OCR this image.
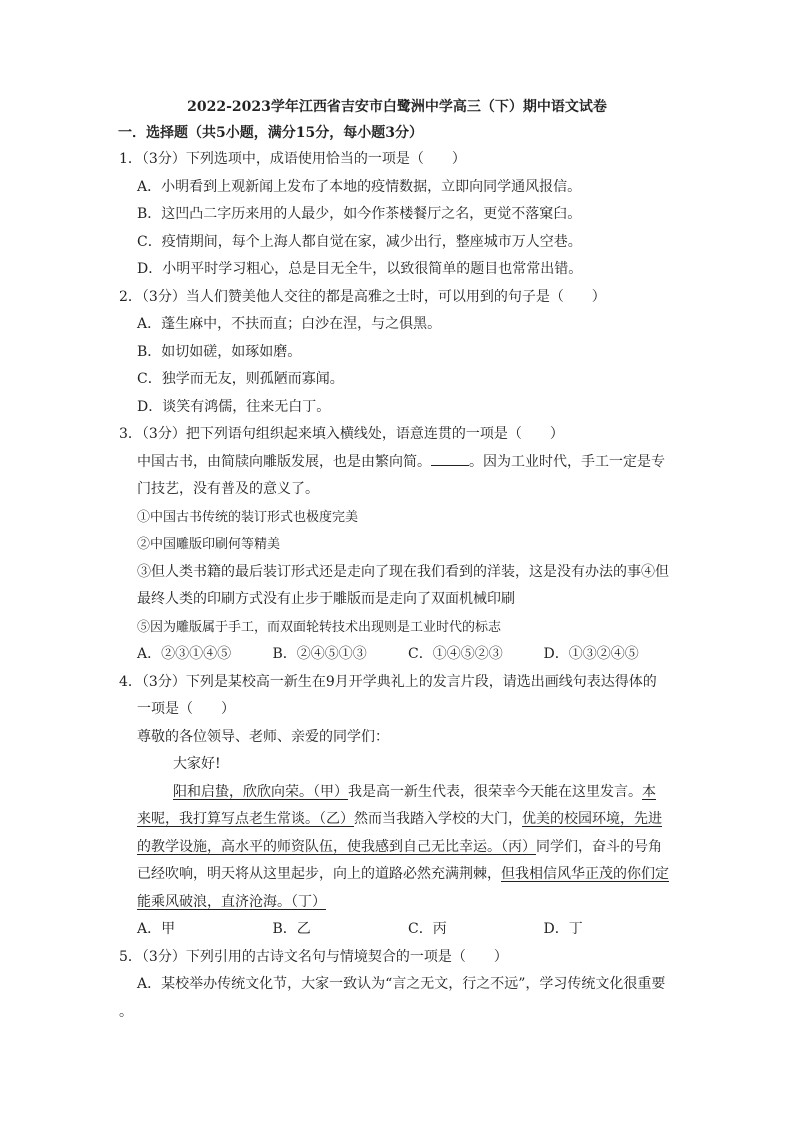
2022-2023学年江西省吉安市白鹭洲中学高三（下）期中语文试卷
一．选择题（共5小题，满分15分，每小题3分）
1．（3分）下列选项中，成语使用恰当的一项是（　　）
A．小明看到上观新闻上发布了本地的疫情数据，立即向同学通风报信。
B．这凹凸二字历来用的人最少，如今作茶楼餐厅之名，更觉不落窠臼。
C．疫情期间，每个上海人都自觉在家，减少出行，整座城市万人空巷。
D．小明平时学习粗心，总是目无全牛，以致很简单的题目也常常出错。
2．（3分）当人们赞美他人交往的都是高雅之士时，可以用到的句子是（　　）
A．蓬生麻中，不扶而直；白沙在涅，与之俱黑。
B．如切如磋，如琢如磨。
C．独学而无友，则孤陋而寡闻。
D．谈笑有鸿儒，往来无白丁。
3．（3分）把下列语句组织起来填入横线处，语意连贯的一项是（　　）
中国古书，由简牍向雕版发展，也是由繁向简。	。因为工业时代，手工一定是专
门技艺，没有普及的意义了。
①中国古书传统的装订形式也极度完美
②中国雕版印刷何等精美
③但人类书籍的最后装订形式还是走向了现在我们看到的洋装，这是没有办法的事④但
最终人类的印刷方式没有止步于雕版而是走向了双面机械印刷
⑤因为雕版属于手工，而双面轮转技术出现则是工业时代的标志
A．②③①④⑤	B．②④⑤①③	C．①④⑤②③	D．①③②④⑤
4．（3分）下列是某校高一新生在9月开学典礼上的发言片段，请选出画线句表达得体的
一项是（　　）
尊敬的各位领导、老师、亲爱的同学们：
大家好!
阳和启蛰，欣欣向荣。（甲）我是高一新生代表，很荣幸今天能在这里发言。本
来呢，我打算写点老生常谈。（乙）然而当我踏入学校的大门，优美的校园环境，先进
的教学设施，高水平的师资队伍，使我感到自己无比幸运。（丙）同学们，奋斗的号角
已经吹响，明天将从这里起步，向上的道路必然充满荆棘，但我相信风华正茂的你们定
能乘风破浪，直济沧海。（丁）
A．甲	B．乙	C．丙	D．丁
5．（3分）下列引用的古诗文名句与情境契合的一项是（　　）
A．某校举办传统文化节，大家一致认为“言之无文，行之不远”，学习传统文化很重要
。
